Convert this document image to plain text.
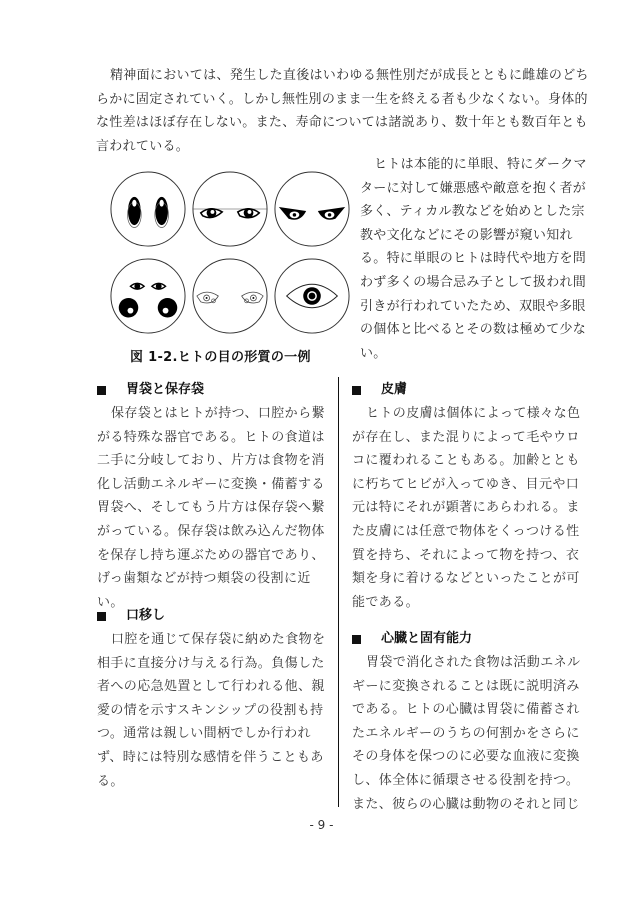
精神面においては、発生した直後はいわゆる無性別だが成長とともに雌雄のどちらかに固定されていく。しかし無性別のまま一生を終える者も少なくない。身体的な性差はほぼ存在しない。また、寿命については諸説あり、数十年とも数百年とも言われている。
図 1-2.ヒトの目の形質の一例
ヒトは本能的に単眼、特にダークマターに対して嫌悪感や敵意を抱く者が多く、ティカル教などを始めとした宗教や文化などにその影響が窺い知れる。特に単眼のヒトは時代や地方を問わず多くの場合忌み子として扱われ間引きが行われていたため、双眼や多眼の個体と比べるとその数は極めて少ない。
胃袋と保存袋
保存袋とはヒトが持つ、口腔から繋がる特殊な器官である。ヒトの食道は二手に分岐しており、片方は食物を消化し活動エネルギーに変換・備蓄する胃袋へ、そしてもう片方は保存袋へ繋がっている。保存袋は飲み込んだ物体を保存し持ち運ぶための器官であり、げっ歯類などが持つ頬袋の役割に近い。
口移し
口腔を通じて保存袋に納めた食物を相手に直接分け与える行為。負傷した者への応急処置として行われる他、親愛の情を示すスキンシップの役割も持つ。通常は親しい間柄でしか行われず、時には特別な感情を伴うこともある。
皮膚
ヒトの皮膚は個体によって様々な色が存在し、また混りによって毛やウロコに覆われることもある。加齢とともに朽ちてヒビが入ってゆき、目元や口元は特にそれが顕著にあらわれる。また皮膚には任意で物体をくっつける性質を持ち、それによって物を持つ、衣類を身に着けるなどといったことが可能である。
心臓と固有能力
胃袋で消化された食物は活動エネルギーに変換されることは既に説明済みである。ヒトの心臓は胃袋に備蓄されたエネルギーのうちの何割かをさらにその身体を保つのに必要な血液に変換し、体全体に循環させる役割を持つ。また、彼らの心臓は動物のそれと同じ
- 9 -
